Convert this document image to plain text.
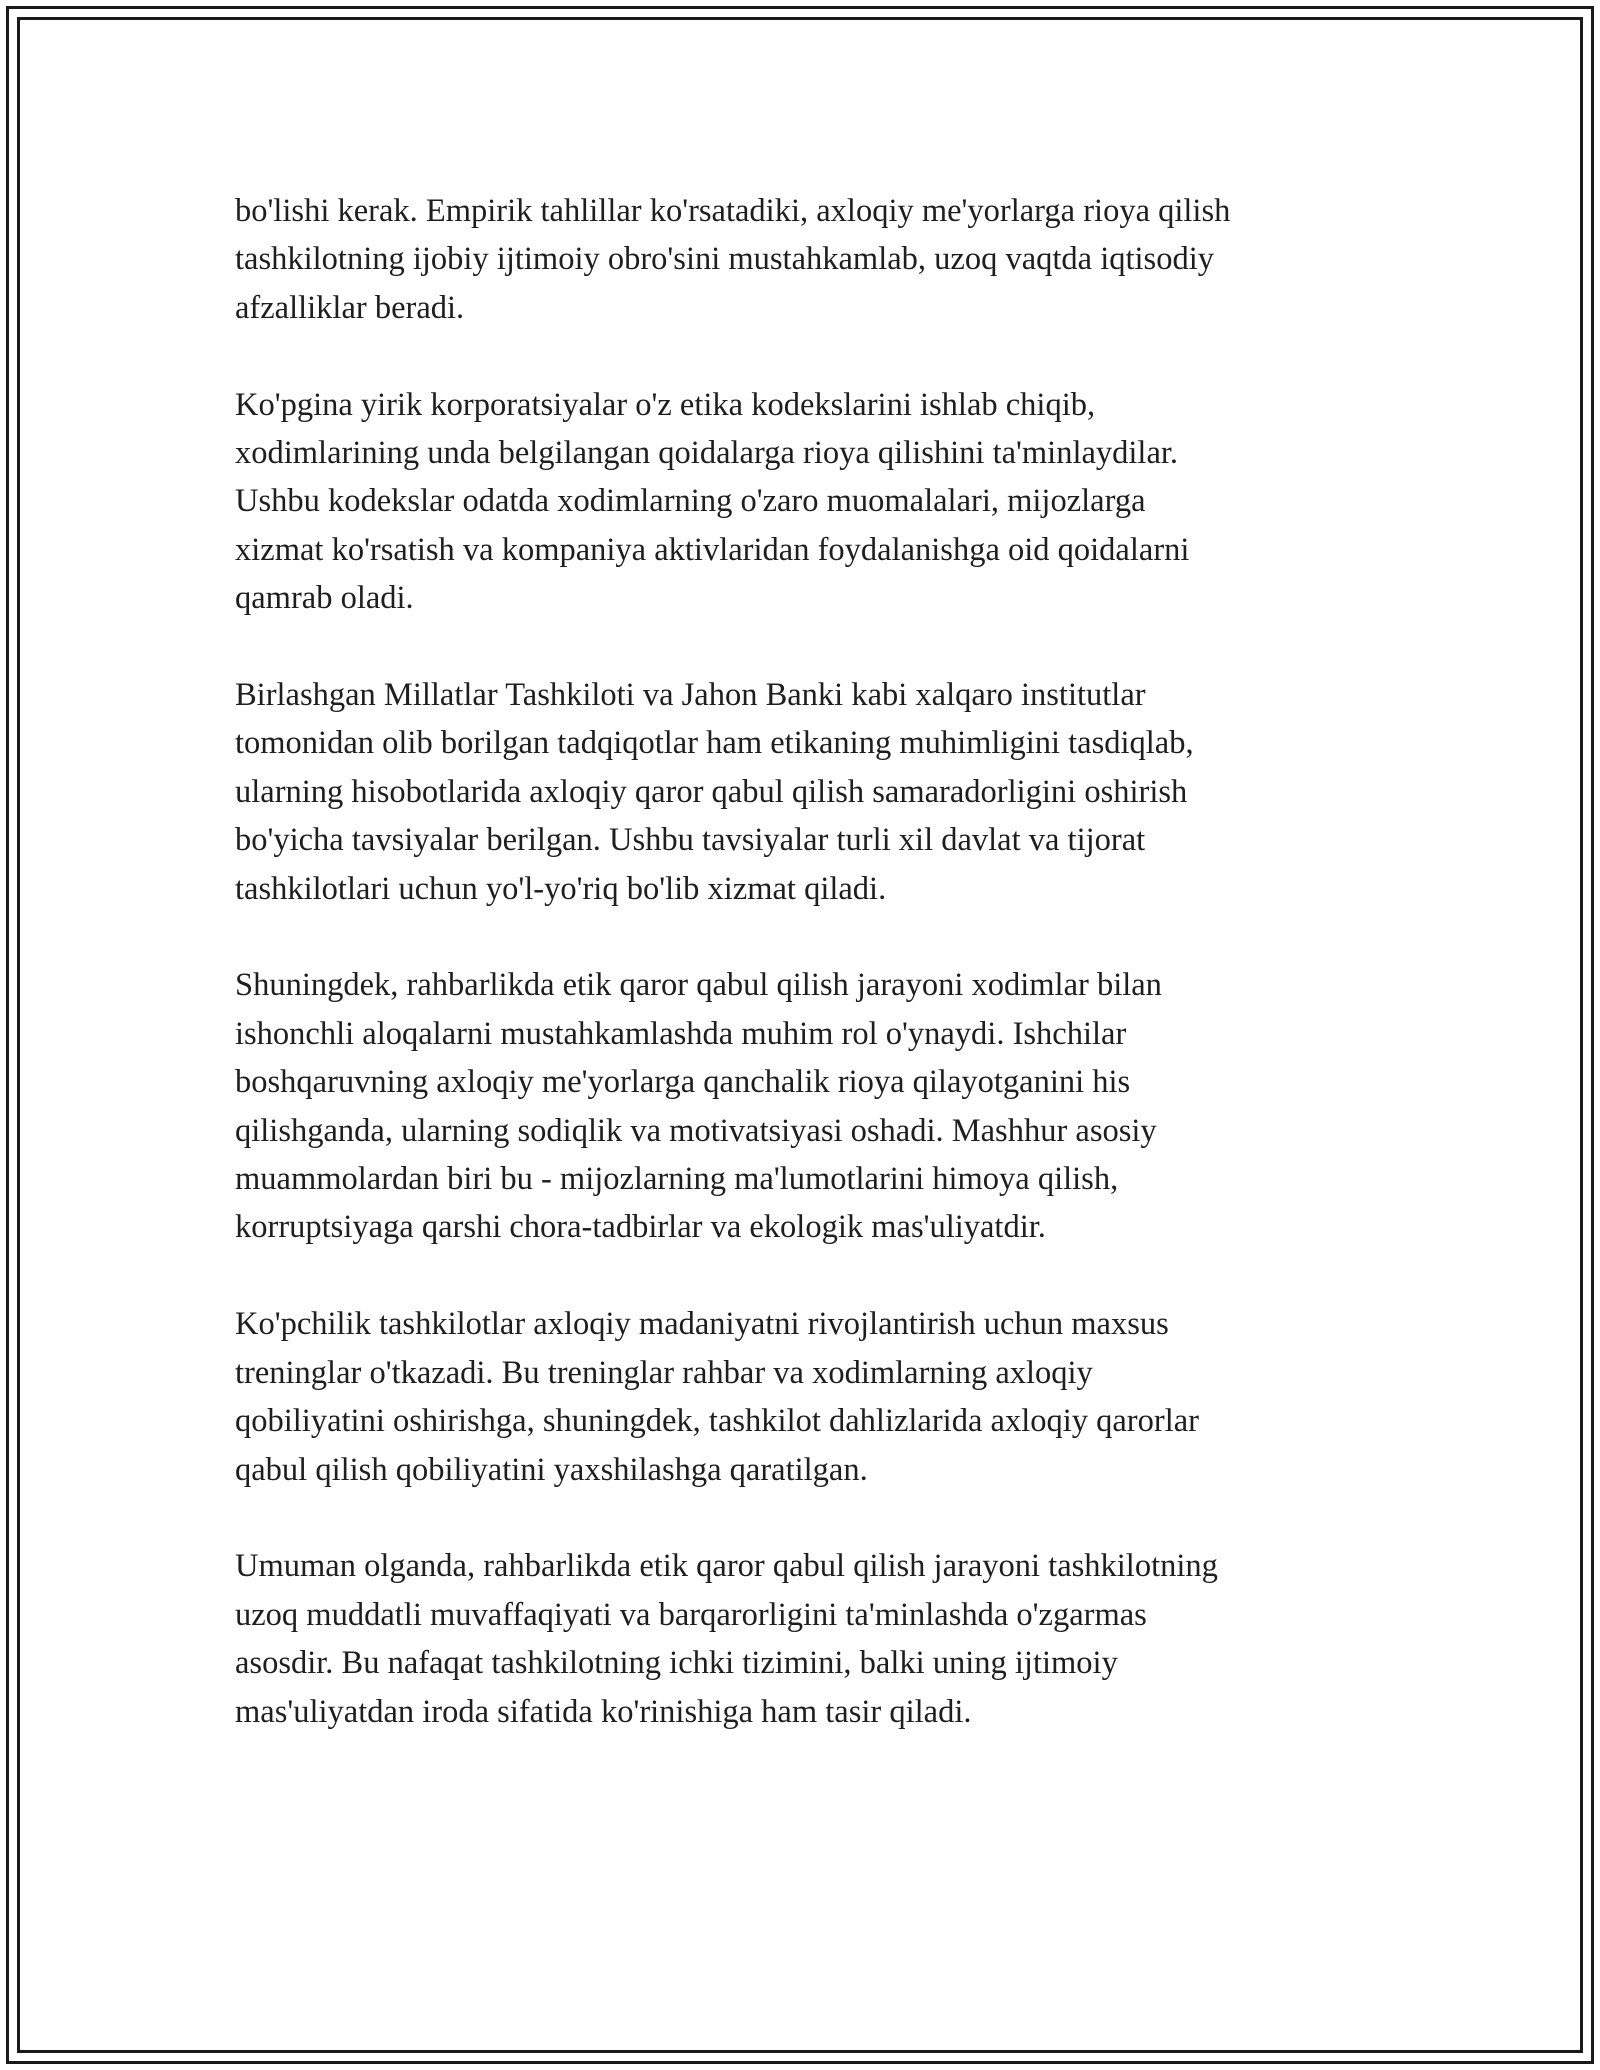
bo'lishi kerak. Empirik tahlillar ko'rsatadiki, axloqiy me'yorlarga rioya qilish
tashkilotning ijobiy ijtimoiy obro'sini mustahkamlab, uzoq vaqtda iqtisodiy
afzalliklar beradi.

Ko'pgina yirik korporatsiyalar o'z etika kodekslarini ishlab chiqib,
xodimlarining unda belgilangan qoidalarga rioya qilishini ta'minlaydilar.
Ushbu kodekslar odatda xodimlarning o'zaro muomalalari, mijozlarga
xizmat ko'rsatish va kompaniya aktivlaridan foydalanishga oid qoidalarni
qamrab oladi.

Birlashgan Millatlar Tashkiloti va Jahon Banki kabi xalqaro institutlar
tomonidan olib borilgan tadqiqotlar ham etikaning muhimligini tasdiqlab,
ularning hisobotlarida axloqiy qaror qabul qilish samaradorligini oshirish
bo'yicha tavsiyalar berilgan. Ushbu tavsiyalar turli xil davlat va tijorat
tashkilotlari uchun yo'l-yo'riq bo'lib xizmat qiladi.

Shuningdek, rahbarlikda etik qaror qabul qilish jarayoni xodimlar bilan
ishonchli aloqalarni mustahkamlashda muhim rol o'ynaydi. Ishchilar
boshqaruvning axloqiy me'yorlarga qanchalik rioya qilayotganini his
qilishganda, ularning sodiqlik va motivatsiyasi oshadi. Mashhur asosiy
muammolardan biri bu - mijozlarning ma'lumotlarini himoya qilish,
korruptsiyaga qarshi chora-tadbirlar va ekologik mas'uliyatdir.

Ko'pchilik tashkilotlar axloqiy madaniyatni rivojlantirish uchun maxsus
treninglar o'tkazadi. Bu treninglar rahbar va xodimlarning axloqiy
qobiliyatini oshirishga, shuningdek, tashkilot dahlizlarida axloqiy qarorlar
qabul qilish qobiliyatini yaxshilashga qaratilgan.

Umuman olganda, rahbarlikda etik qaror qabul qilish jarayoni tashkilotning
uzoq muddatli muvaffaqiyati va barqarorligini ta'minlashda o'zgarmas
asosdir. Bu nafaqat tashkilotning ichki tizimini, balki uning ijtimoiy
mas'uliyatdan iroda sifatida ko'rinishiga ham tasir qiladi.
